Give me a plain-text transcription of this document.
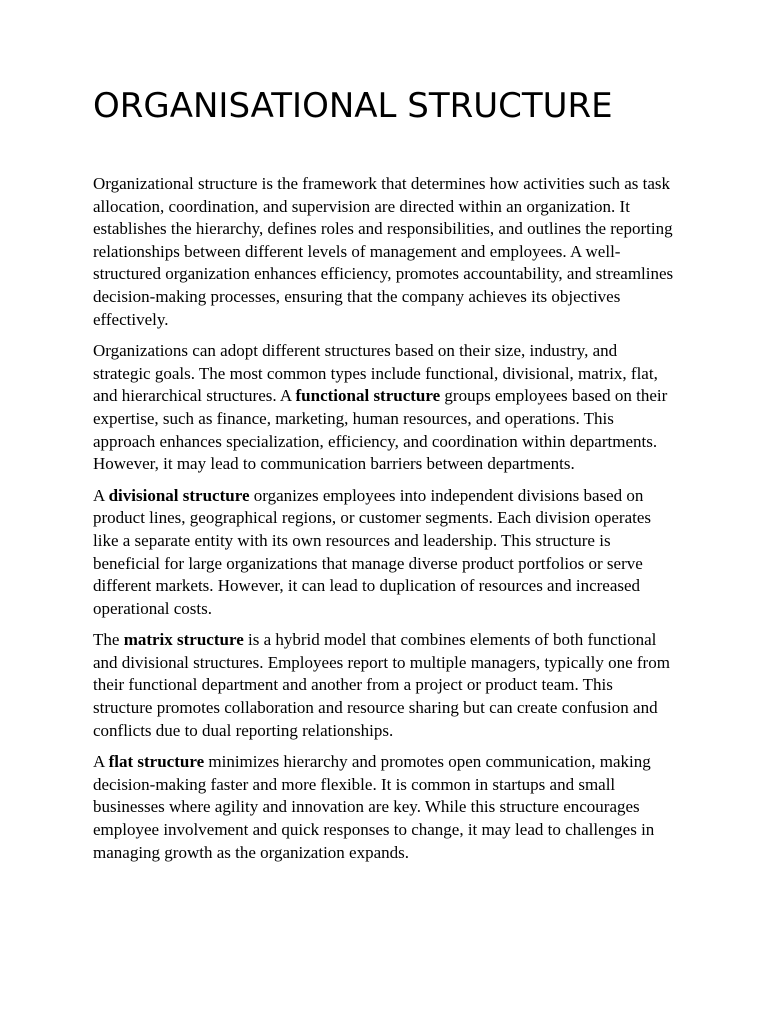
ORGANISATIONAL STRUCTURE

Organizational structure is the framework that determines how activities such as task allocation, coordination, and supervision are directed within an organization. It establishes the hierarchy, defines roles and responsibilities, and outlines the reporting relationships between different levels of management and employees. A well-structured organization enhances efficiency, promotes accountability, and streamlines decision-making processes, ensuring that the company achieves its objectives effectively.

Organizations can adopt different structures based on their size, industry, and strategic goals. The most common types include functional, divisional, matrix, flat, and hierarchical structures. A functional structure groups employees based on their expertise, such as finance, marketing, human resources, and operations. This approach enhances specialization, efficiency, and coordination within departments. However, it may lead to communication barriers between departments.

A divisional structure organizes employees into independent divisions based on product lines, geographical regions, or customer segments. Each division operates like a separate entity with its own resources and leadership. This structure is beneficial for large organizations that manage diverse product portfolios or serve different markets. However, it can lead to duplication of resources and increased operational costs.

The matrix structure is a hybrid model that combines elements of both functional and divisional structures. Employees report to multiple managers, typically one from their functional department and another from a project or product team. This structure promotes collaboration and resource sharing but can create confusion and conflicts due to dual reporting relationships.

A flat structure minimizes hierarchy and promotes open communication, making decision-making faster and more flexible. It is common in startups and small businesses where agility and innovation are key. While this structure encourages employee involvement and quick responses to change, it may lead to challenges in managing growth as the organization expands.
